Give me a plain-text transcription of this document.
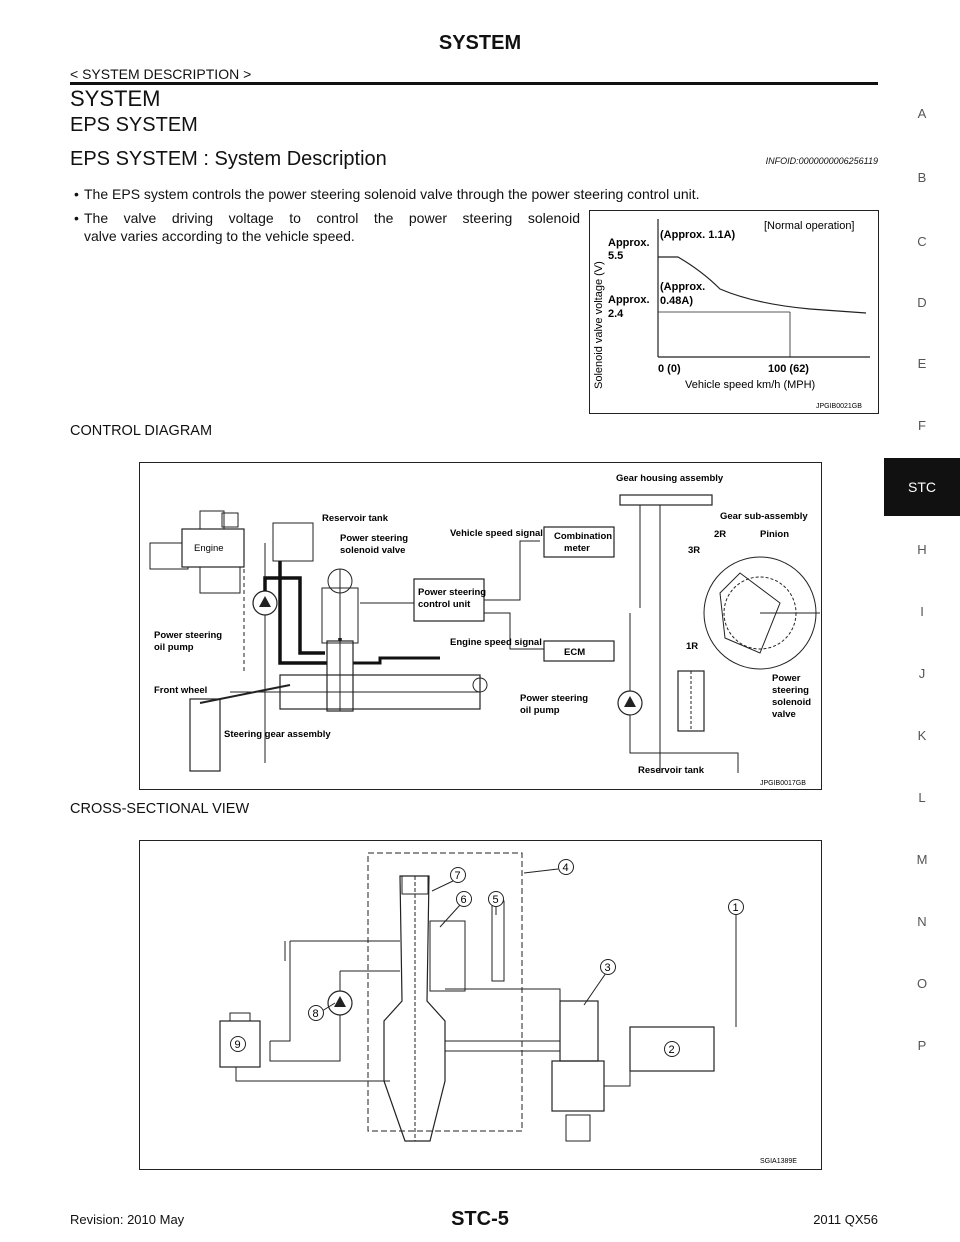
SYSTEM
< SYSTEM DESCRIPTION >
SYSTEM
EPS SYSTEM
EPS SYSTEM : System Description	INFOID:0000000006256119
• The EPS system controls the power steering solenoid valve through the power steering control unit.
• The valve driving voltage to control the power steering solenoid
valve varies according to the vehicle speed.
Solenoid valve voltage (V)
[Normal operation]
(Approx. 1.1A)
Approx.
5.5
(Approx.
0.48A)
Approx.
2.4
0 (0)	100 (62)
Vehicle speed km/h (MPH)
JPGIB0021GB
CONTROL DIAGRAM
Engine
Power steering
oil pump
Reservoir tank
Power steering
solenoid valve
Front wheel
Steering gear assembly
Power steering
control unit
Vehicle speed signal Combination
meter
Engine speed signal
ECM
Gear housing assembly
Gear sub-assembly
2R	Pinion
3R
1R
Power steering
oil pump
Power
steering
solenoid
valve
Reservoir tank
JPGIB0017GB
CROSS-SECTIONAL VIEW
7
6 5
4
1
3
8
9	2
SGIA1389E
A
B
C
D
E
F
STC
H
I
J
K
L
M
N
O
P
Revision: 2010 May	STC-5	2011 QX56
